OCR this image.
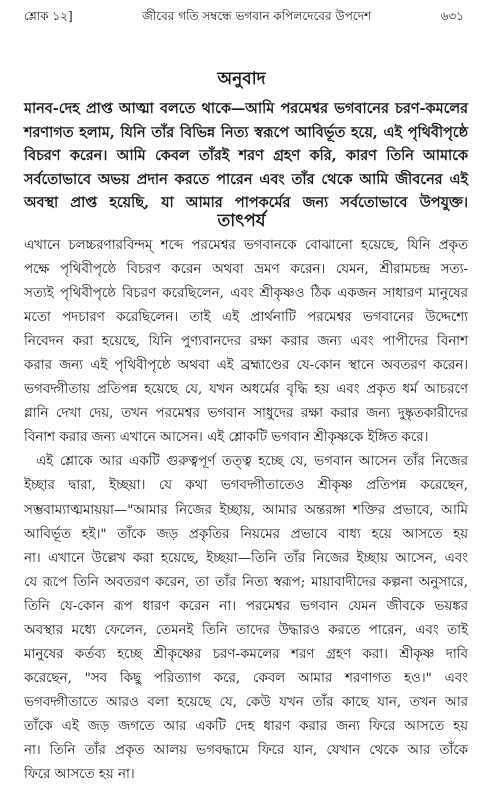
শ্লোক ১২]	জীবের গতি সম্বন্ধে ভগবান কপিলদেবের উপদেশ	৬৩১
অনুবাদ
মানব-দেহ প্রাপ্ত আত্মা বলতে থাকে—আমি পরমেশ্বর ভগবানের চরণ-কমলের
শরণাগত হলাম, যিনি তাঁর বিভিন্ন নিত্য স্বরূপে আবির্ভূত হয়ে, এই পৃথিবীপৃষ্ঠে
বিচরণ করেন। আমি কেবল তাঁরই শরণ গ্রহণ করি, কারণ তিনি আমাকে
সর্বতোভাবে অভয় প্রদান করতে পারেন এবং তাঁর থেকে আমি জীবনের এই
অবস্থা প্রাপ্ত হয়েছি, যা আমার পাপকর্মের জন্য সর্বতোভাবে উপযুক্ত।
তাৎপর্য
এখানে চলচ্চরণারবিন্দম্‌ শব্দে পরমেশ্বর ভগবানকে বোঝানো হয়েছে, যিনি প্রকৃত
পক্ষে পৃথিবীপৃষ্ঠে বিচরণ করেন অথবা ভ্রমণ করেন। যেমন, শ্রীরামচন্দ্র সত্য-
সত্যই পৃথিবীপৃষ্ঠে বিচরণ করেছিলেন, এবং শ্রীকৃষ্ণও ঠিক একজন সাধারণ মানুষের
মতো পদচারণ করেছিলেন। তাই এই প্রার্থনাটি পরমেশ্বর ভগবানের উদ্দেশ্যে
নিবেদন করা হয়েছে, যিনি পুণ্যবানদের রক্ষা করার জন্য এবং পাপীদের বিনাশ
করার জন্য এই পৃথিবীপৃষ্ঠে অথবা এই ব্রহ্মাণ্ডের যে-কোন স্থানে অবতরণ করেন।
ভগবদ্গীতায় প্রতিপন্ন হয়েছে যে, যখন অধর্মের বৃদ্ধি হয় এবং প্রকৃত ধর্ম আচরণে
গ্লানি দেখা দেয়, তখন পরমেশ্বর ভগবান সাধুদের রক্ষা করার জন্য দুষ্কৃতকারীদের
বিনাশ করার জন্য এখানে আসেন। এই শ্লোকটি ভগবান শ্রীকৃষ্ণকে ইঙ্গিত করে।
এই শ্লোকে আর একটি গুরুত্বপূর্ণ তত্ত্ব হচ্ছে যে, ভগবান আসেন তাঁর নিজের
ইচ্ছার দ্বারা, ইচ্ছয়া। যে কথা ভগবদ্গীতাতেও শ্রীকৃষ্ণ প্রতিপন্ন করেছেন,
সম্ভবাম্যাত্মমায়য়া—"আমার নিজের ইচ্ছায়, আমার অন্তরঙ্গা শক্তির প্রভাবে, আমি
আবির্ভূত হই।" তাঁকে জড় প্রকৃতির নিয়মের প্রভাবে বাধ্য হয়ে আসতে হয়
না। এখানে উল্লেখ করা হয়েছে, ইচ্ছয়া—তিনি তাঁর নিজের ইচ্ছায় আসেন, এবং
যে রূপে তিনি অবতরণ করেন, তা তাঁর নিত্য স্বরূপ; মায়াবাদীদের কল্পনা অনুসারে,
তিনি যে-কোন রূপ ধারণ করেন না। পরমেশ্বর ভগবান যেমন জীবকে ভয়ঙ্কর
অবস্থার মধ্যে ফেলেন, তেমনই তিনি তাদের উদ্ধারও করতে পারেন, এবং তাই
মানুষের কর্তব্য হচ্ছে শ্রীকৃষ্ণের চরণ-কমলের শরণ গ্রহণ করা। শ্রীকৃষ্ণ দাবি
করেছেন, "সব কিছু পরিত্যাগ করে, কেবল আমার শরণাগত হও।" এবং
ভগবদ্গীতাতে আরও বলা হয়েছে যে, কেউ যখন তাঁর কাছে যান, তখন আর
তাঁকে এই জড় জগতে আর একটি দেহ ধারণ করার জন্য ফিরে আসতে হয়
না। তিনি তাঁর প্রকৃত আলয় ভগবদ্ধামে ফিরে যান, যেখান থেকে আর তাঁকে
ফিরে আসতে হয় না।
